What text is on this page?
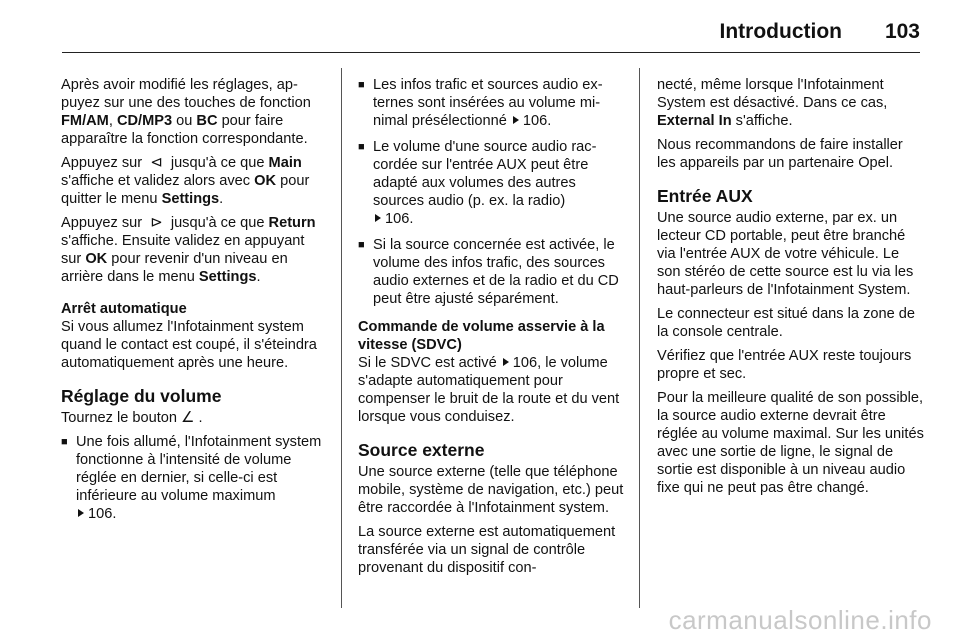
Introduction 103

Après avoir modifié les réglages, appuyez sur une des touches de fonction FM/AM, CD/MP3 ou BC pour faire apparaître la fonction correspondante.

Appuyez sur ⊲ jusqu'à ce que Main s'affiche et validez alors avec OK pour quitter le menu Settings.

Appuyez sur ⊳ jusqu'à ce que Return s'affiche. Ensuite validez en appuyant sur OK pour revenir d'un niveau en arrière dans le menu Settings.

Arrêt automatique

Si vous allumez l'Infotainment system quand le contact est coupé, il s'éteindra automatiquement après une heure.

Réglage du volume

Tournez le bouton ∠ .

■ Une fois allumé, l'Infotainment system fonctionne à l'intensité de volume réglée en dernier, si celle-ci est inférieure au volume maximum
106.
■ Les infos trafic et sources audio externes sont insérées au volume minimal présélectionné 106.
■ Le volume d'une source audio raccordée sur l'entrée AUX peut être adapté aux volumes des autres sources audio (p. ex. la radio)
106.
■ Si la source concernée est activée, le volume des infos trafic, des sources audio externes et de la radio et du CD peut être ajusté séparément.
Commande de volume asservie à la vitesse (SDVC)

Si le SDVC est activé 106, le volume s'adapte automatiquement pour compenser le bruit de la route et du vent lorsque vous conduisez.

Source externe

Une source externe (telle que téléphone mobile, système de navigation, etc.) peut être raccordée à l'Infotainment system.

La source externe est automatiquement transférée via un signal de contrôle provenant du dispositif con-

necté, même lorsque l'Infotainment System est désactivé. Dans ce cas, External In s'affiche.

Nous recommandons de faire installer les appareils par un partenaire Opel.

Entrée AUX

Une source audio externe, par ex. un lecteur CD portable, peut être branché via l'entrée AUX de votre véhicule. Le son stéréo de cette source est lu via les haut-parleurs de l'Infotainment System.

Le connecteur est situé dans la zone de la console centrale.

Vérifiez que l'entrée AUX reste toujours propre et sec.

Pour la meilleure qualité de son possible, la source audio externe devrait être réglée au volume maximal. Sur les unités avec une sortie de ligne, le signal de sortie est disponible à un niveau audio fixe qui ne peut pas être changé.

carmanualsonline.info
